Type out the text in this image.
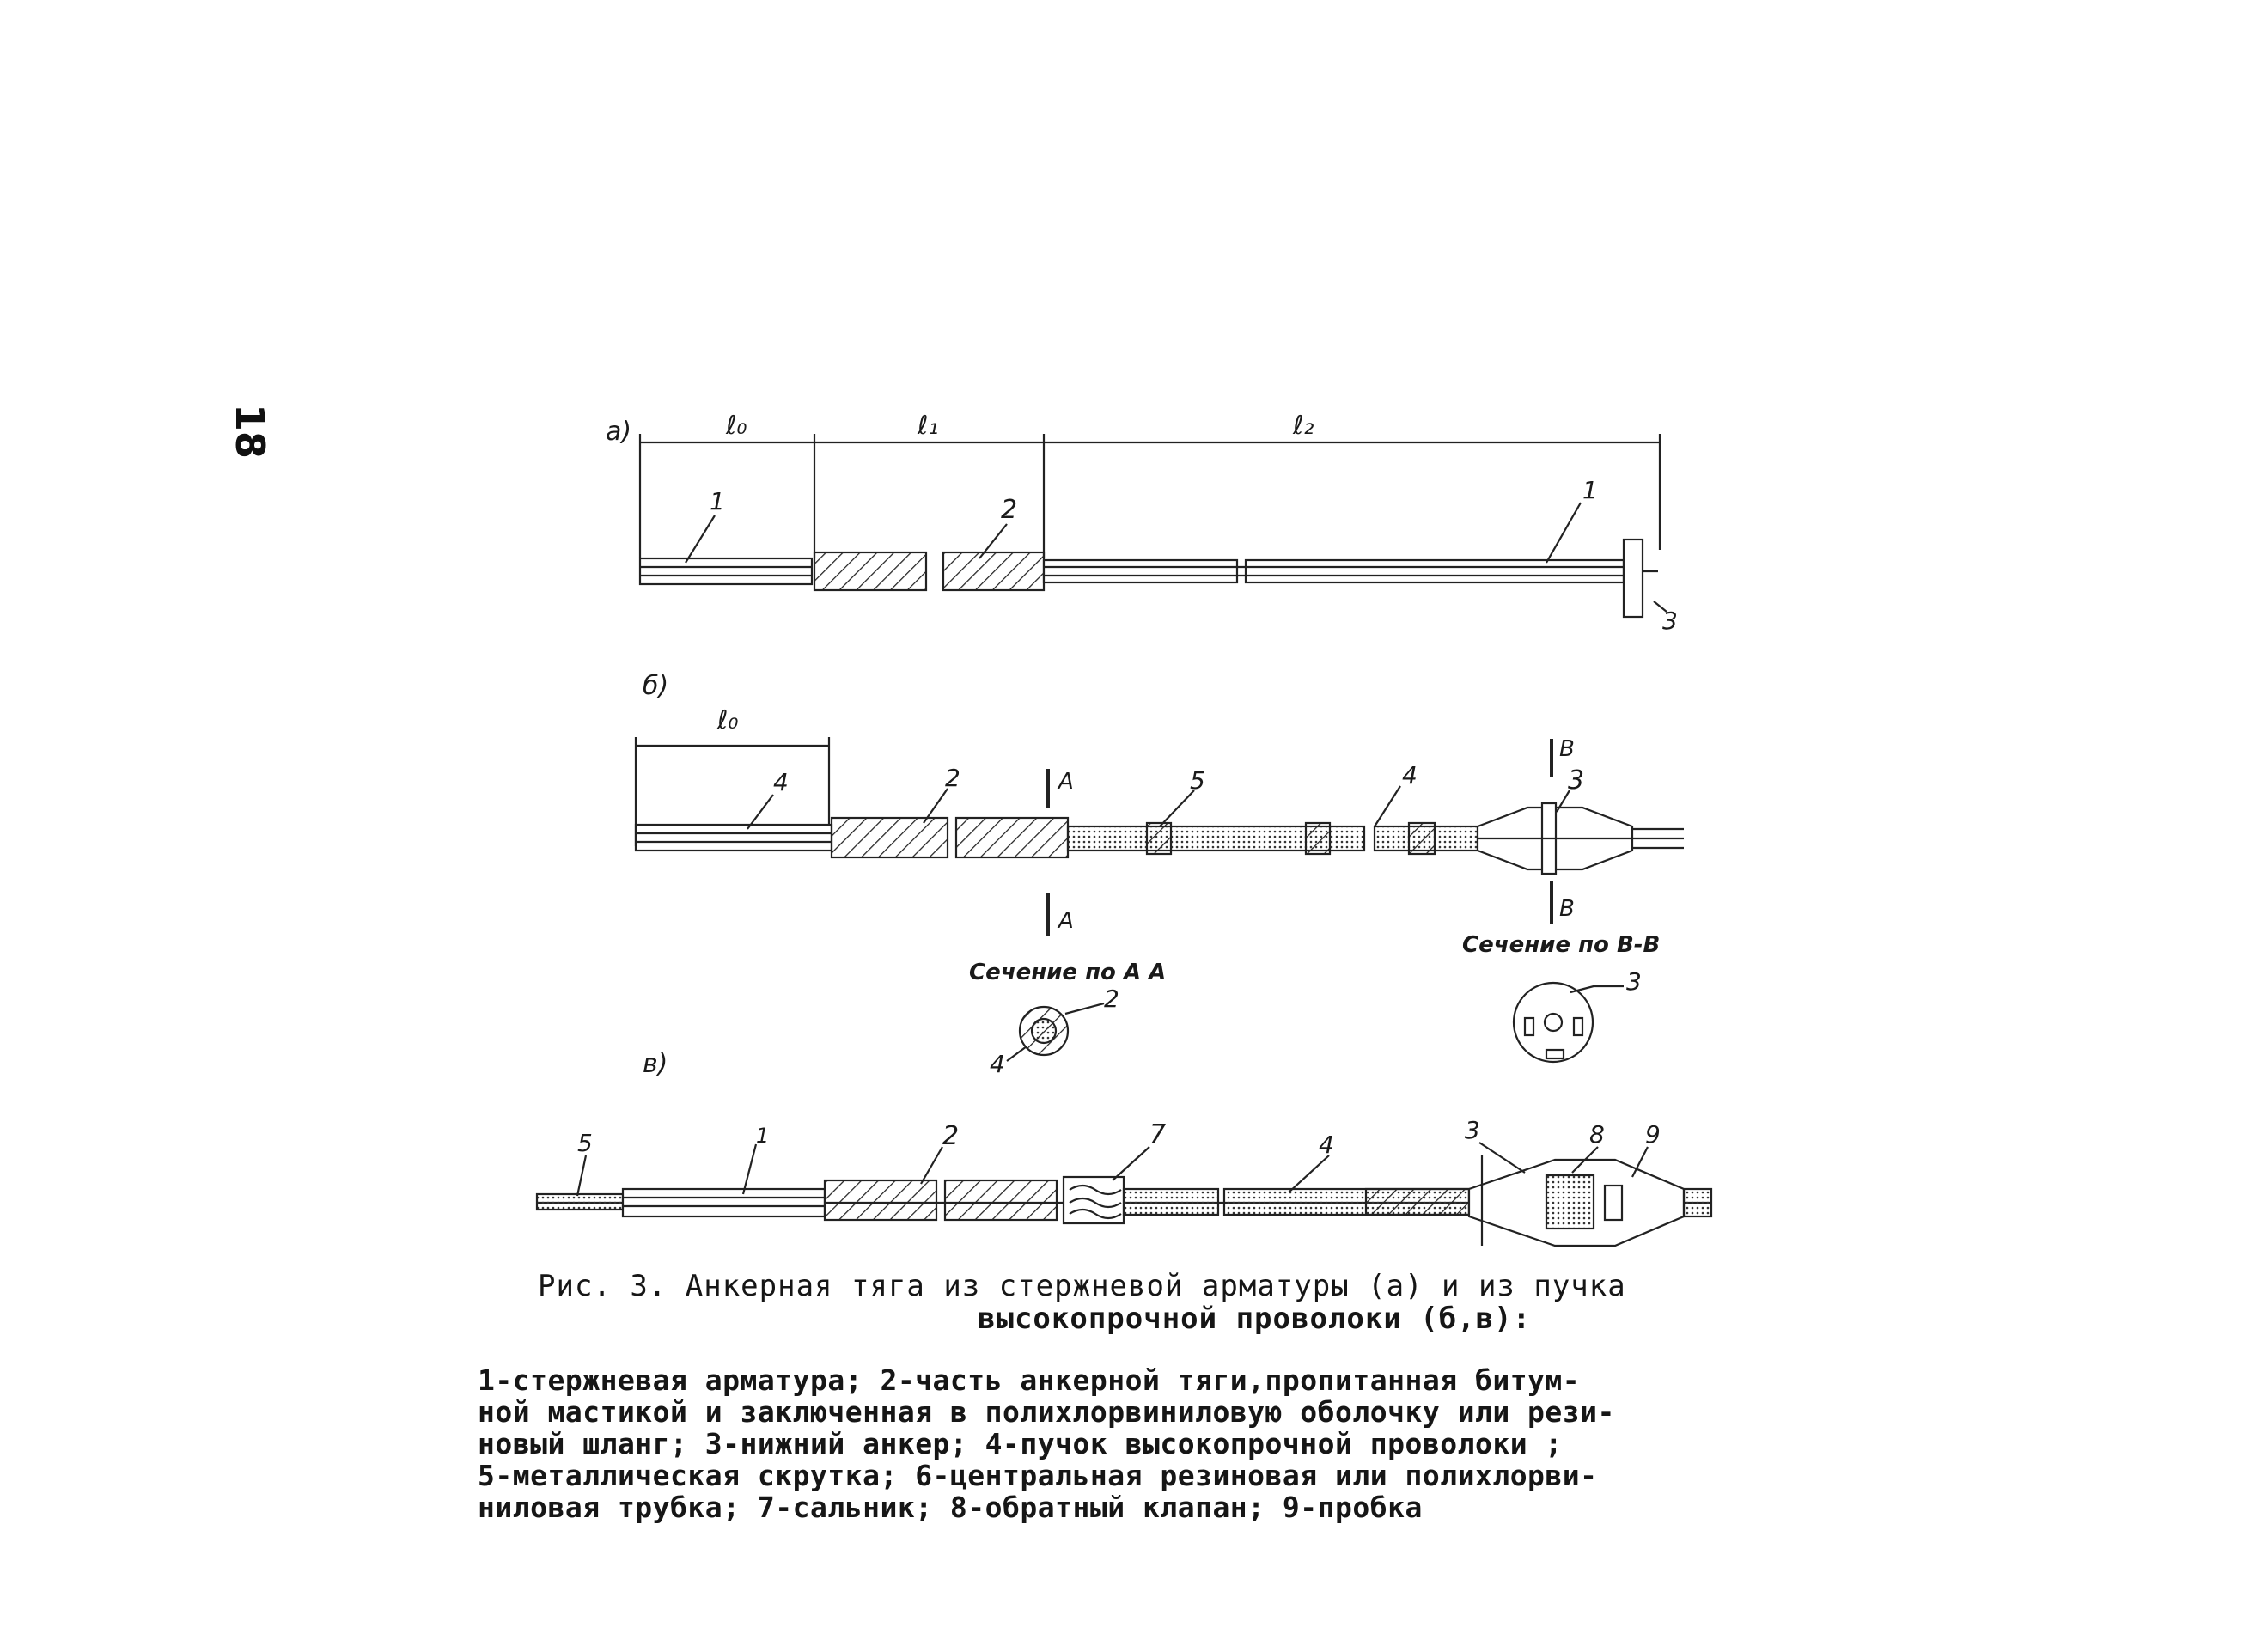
18	а)	ℓ₀	ℓ₁	ℓ₂
1	2
1
3
б)
ℓ₀
A
A
B
B
4	2	5	4	3
Сечение по А А
2
4
Сечение по В-В
3
в)
5	1	2	7	4
3	8 9
Рис. 3. Анкерная тяга из стержневой арматуры (а) и из пучка
высокопрочной проволоки (б,в):
1-стержневая арматура; 2-часть анкерной тяги,пропитанная битум-
ной мастикой и заключенная в полихлорвиниловую оболочку или рези-
новый шланг; 3-нижний анкер; 4-пучок высокопрочной проволоки ;
5-металлическая скрутка; 6-центральная резиновая или полихлорви-
ниловая трубка; 7-сальник; 8-обратный клапан; 9-пробка
